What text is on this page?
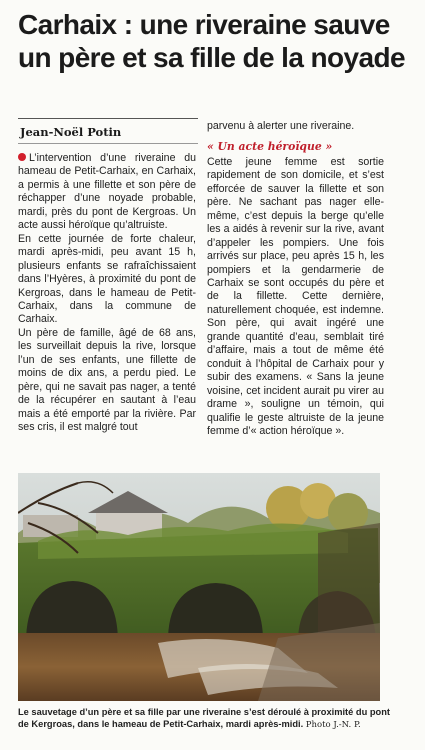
Carhaix : une riveraine sauve un père et sa fille de la noyade
Jean-Noël Potin

L’intervention d’une riveraine du hameau de Petit-Carhaix, en Carhaix, a permis à une fillette et son père de réchapper d’une noyade probable, mardi, près du pont de Kergroas. Un acte aussi héroïque qu’altruiste.

En cette journée de forte chaleur, mardi après-midi, peu avant 15 h, plusieurs enfants se rafraîchissaient dans l’Hyères, à proximité du pont de Kergroas, dans le hameau de Petit-Carhaix, dans la commune de Carhaix.

Un père de famille, âgé de 68 ans, les surveillait depuis la rive, lorsque l’un de ses enfants, une fillette de moins de dix ans, a perdu pied. Le père, qui ne savait pas nager, a tenté de la récupérer en sautant à l’eau mais a été emporté par la rivière. Par ses cris, il est malgré tout

parvenu à alerter une riveraine.

« Un acte héroïque »

Cette jeune femme est sortie rapidement de son domicile, et s’est efforcée de sauver la fillette et son père. Ne sachant pas nager elle-même, c’est depuis la berge qu’elle les a aidés à revenir sur la rive, avant d’appeler les pompiers. Une fois arrivés sur place, peu après 15 h, les pompiers et la gendarmerie de Carhaix se sont occupés du père et de la fillette. Cette dernière, naturellement choquée, est indemne. Son père, qui avait ingéré une grande quantité d’eau, semblait tiré d’affaire, mais a tout de même été conduit à l’hôpital de Carhaix pour y subir des examens. « Sans la jeune voisine, cet incident aurait pu virer au drame », souligne un témoin, qui qualifie le geste altruiste de la jeune femme d’« action héroïque ».

Le sauvetage d’un père et sa fille par une riveraine s’est déroulé à proximité du pont de Kergroas, dans le hameau de Petit-Carhaix, mardi après-midi. Photo J.-N. P.
